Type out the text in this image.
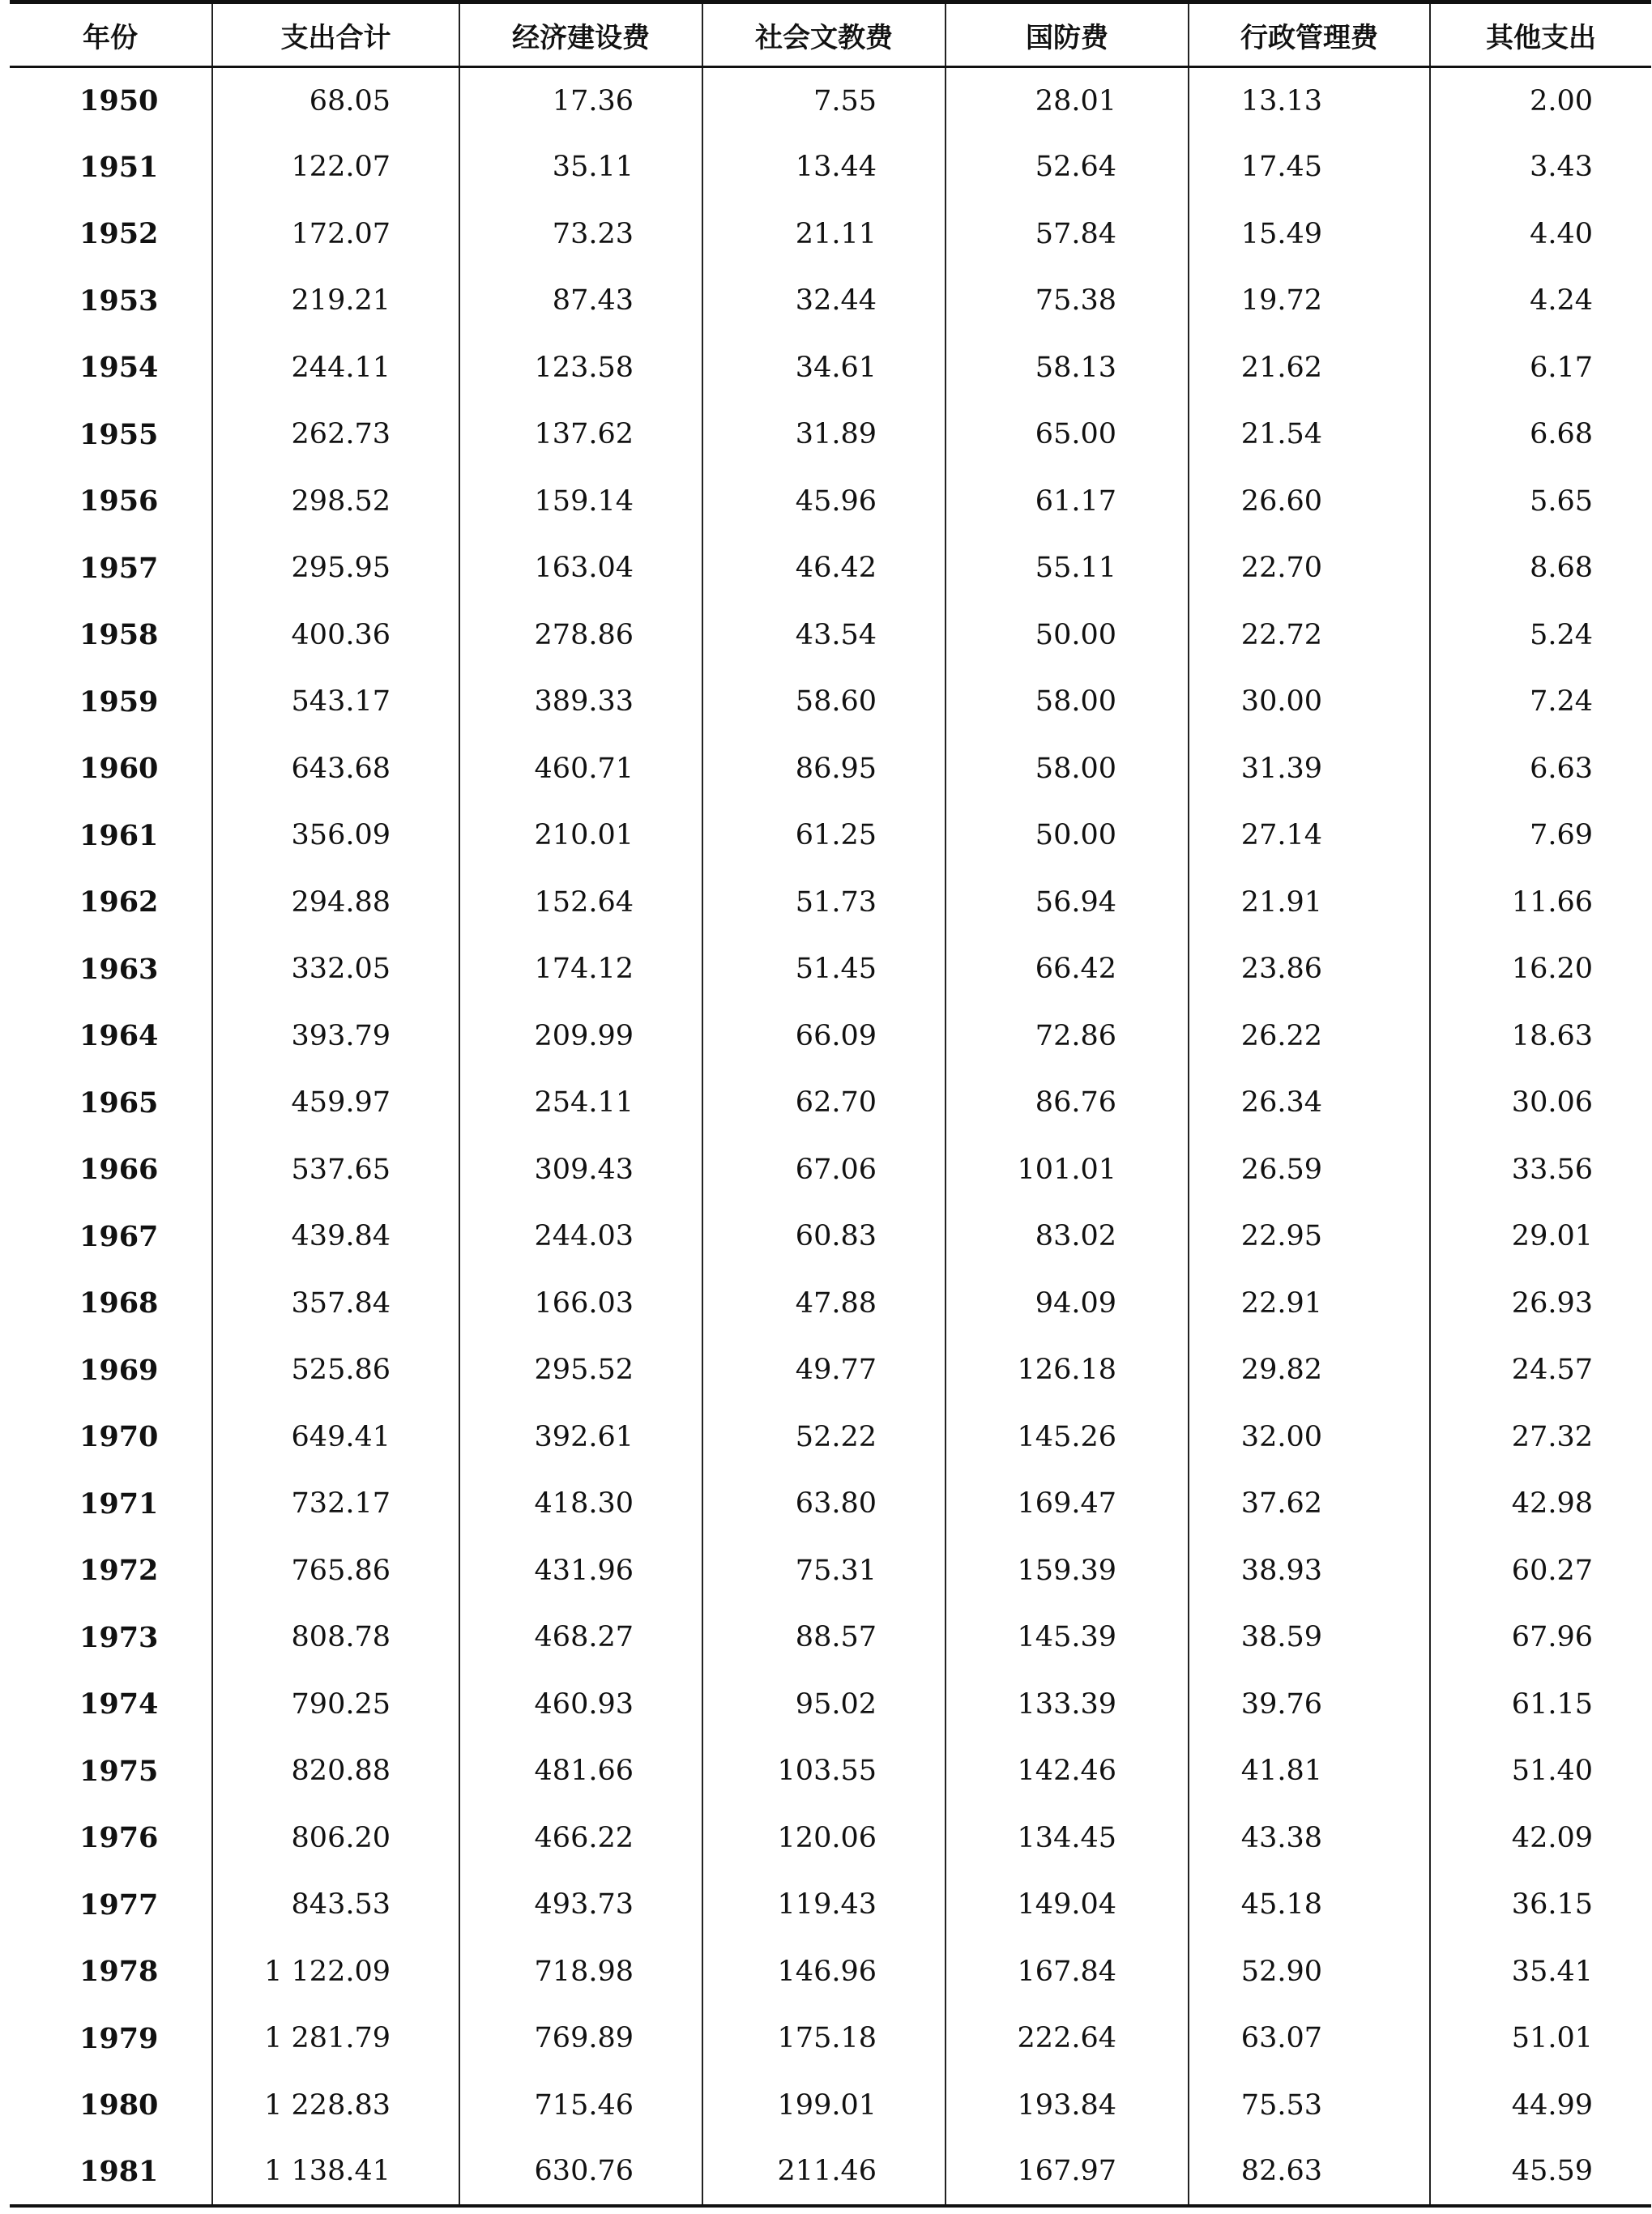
年份	支出合计	经济建设费	社会文教费	国防费	行政管理费	其他支出
1950	68.05	17.36	7.55	28.01	13.13	2.00
1951	122.07	35.11	13.44	52.64	17.45	3.43
1952	172.07	73.23	21.11	57.84	15.49	4.40
1953	219.21	87.43	32.44	75.38	19.72	4.24
1954	244.11	123.58	34.61	58.13	21.62	6.17
1955	262.73	137.62	31.89	65.00	21.54	6.68
1956	298.52	159.14	45.96	61.17	26.60	5.65
1957	295.95	163.04	46.42	55.11	22.70	8.68
1958	400.36	278.86	43.54	50.00	22.72	5.24
1959	543.17	389.33	58.60	58.00	30.00	7.24
1960	643.68	460.71	86.95	58.00	31.39	6.63
1961	356.09	210.01	61.25	50.00	27.14	7.69
1962	294.88	152.64	51.73	56.94	21.91	11.66
1963	332.05	174.12	51.45	66.42	23.86	16.20
1964	393.79	209.99	66.09	72.86	26.22	18.63
1965	459.97	254.11	62.70	86.76	26.34	30.06
1966	537.65	309.43	67.06	101.01	26.59	33.56
1967	439.84	244.03	60.83	83.02	22.95	29.01
1968	357.84	166.03	47.88	94.09	22.91	26.93
1969	525.86	295.52	49.77	126.18	29.82	24.57
1970	649.41	392.61	52.22	145.26	32.00	27.32
1971	732.17	418.30	63.80	169.47	37.62	42.98
1972	765.86	431.96	75.31	159.39	38.93	60.27
1973	808.78	468.27	88.57	145.39	38.59	67.96
1974	790.25	460.93	95.02	133.39	39.76	61.15
1975	820.88	481.66	103.55	142.46	41.81	51.40
1976	806.20	466.22	120.06	134.45	43.38	42.09
1977	843.53	493.73	119.43	149.04	45.18	36.15
1978	1 122.09	718.98	146.96	167.84	52.90	35.41
1979	1 281.79	769.89	175.18	222.64	63.07	51.01
1980	1 228.83	715.46	199.01	193.84	75.53	44.99
1981	1 138.41	630.76	211.46	167.97	82.63	45.59
